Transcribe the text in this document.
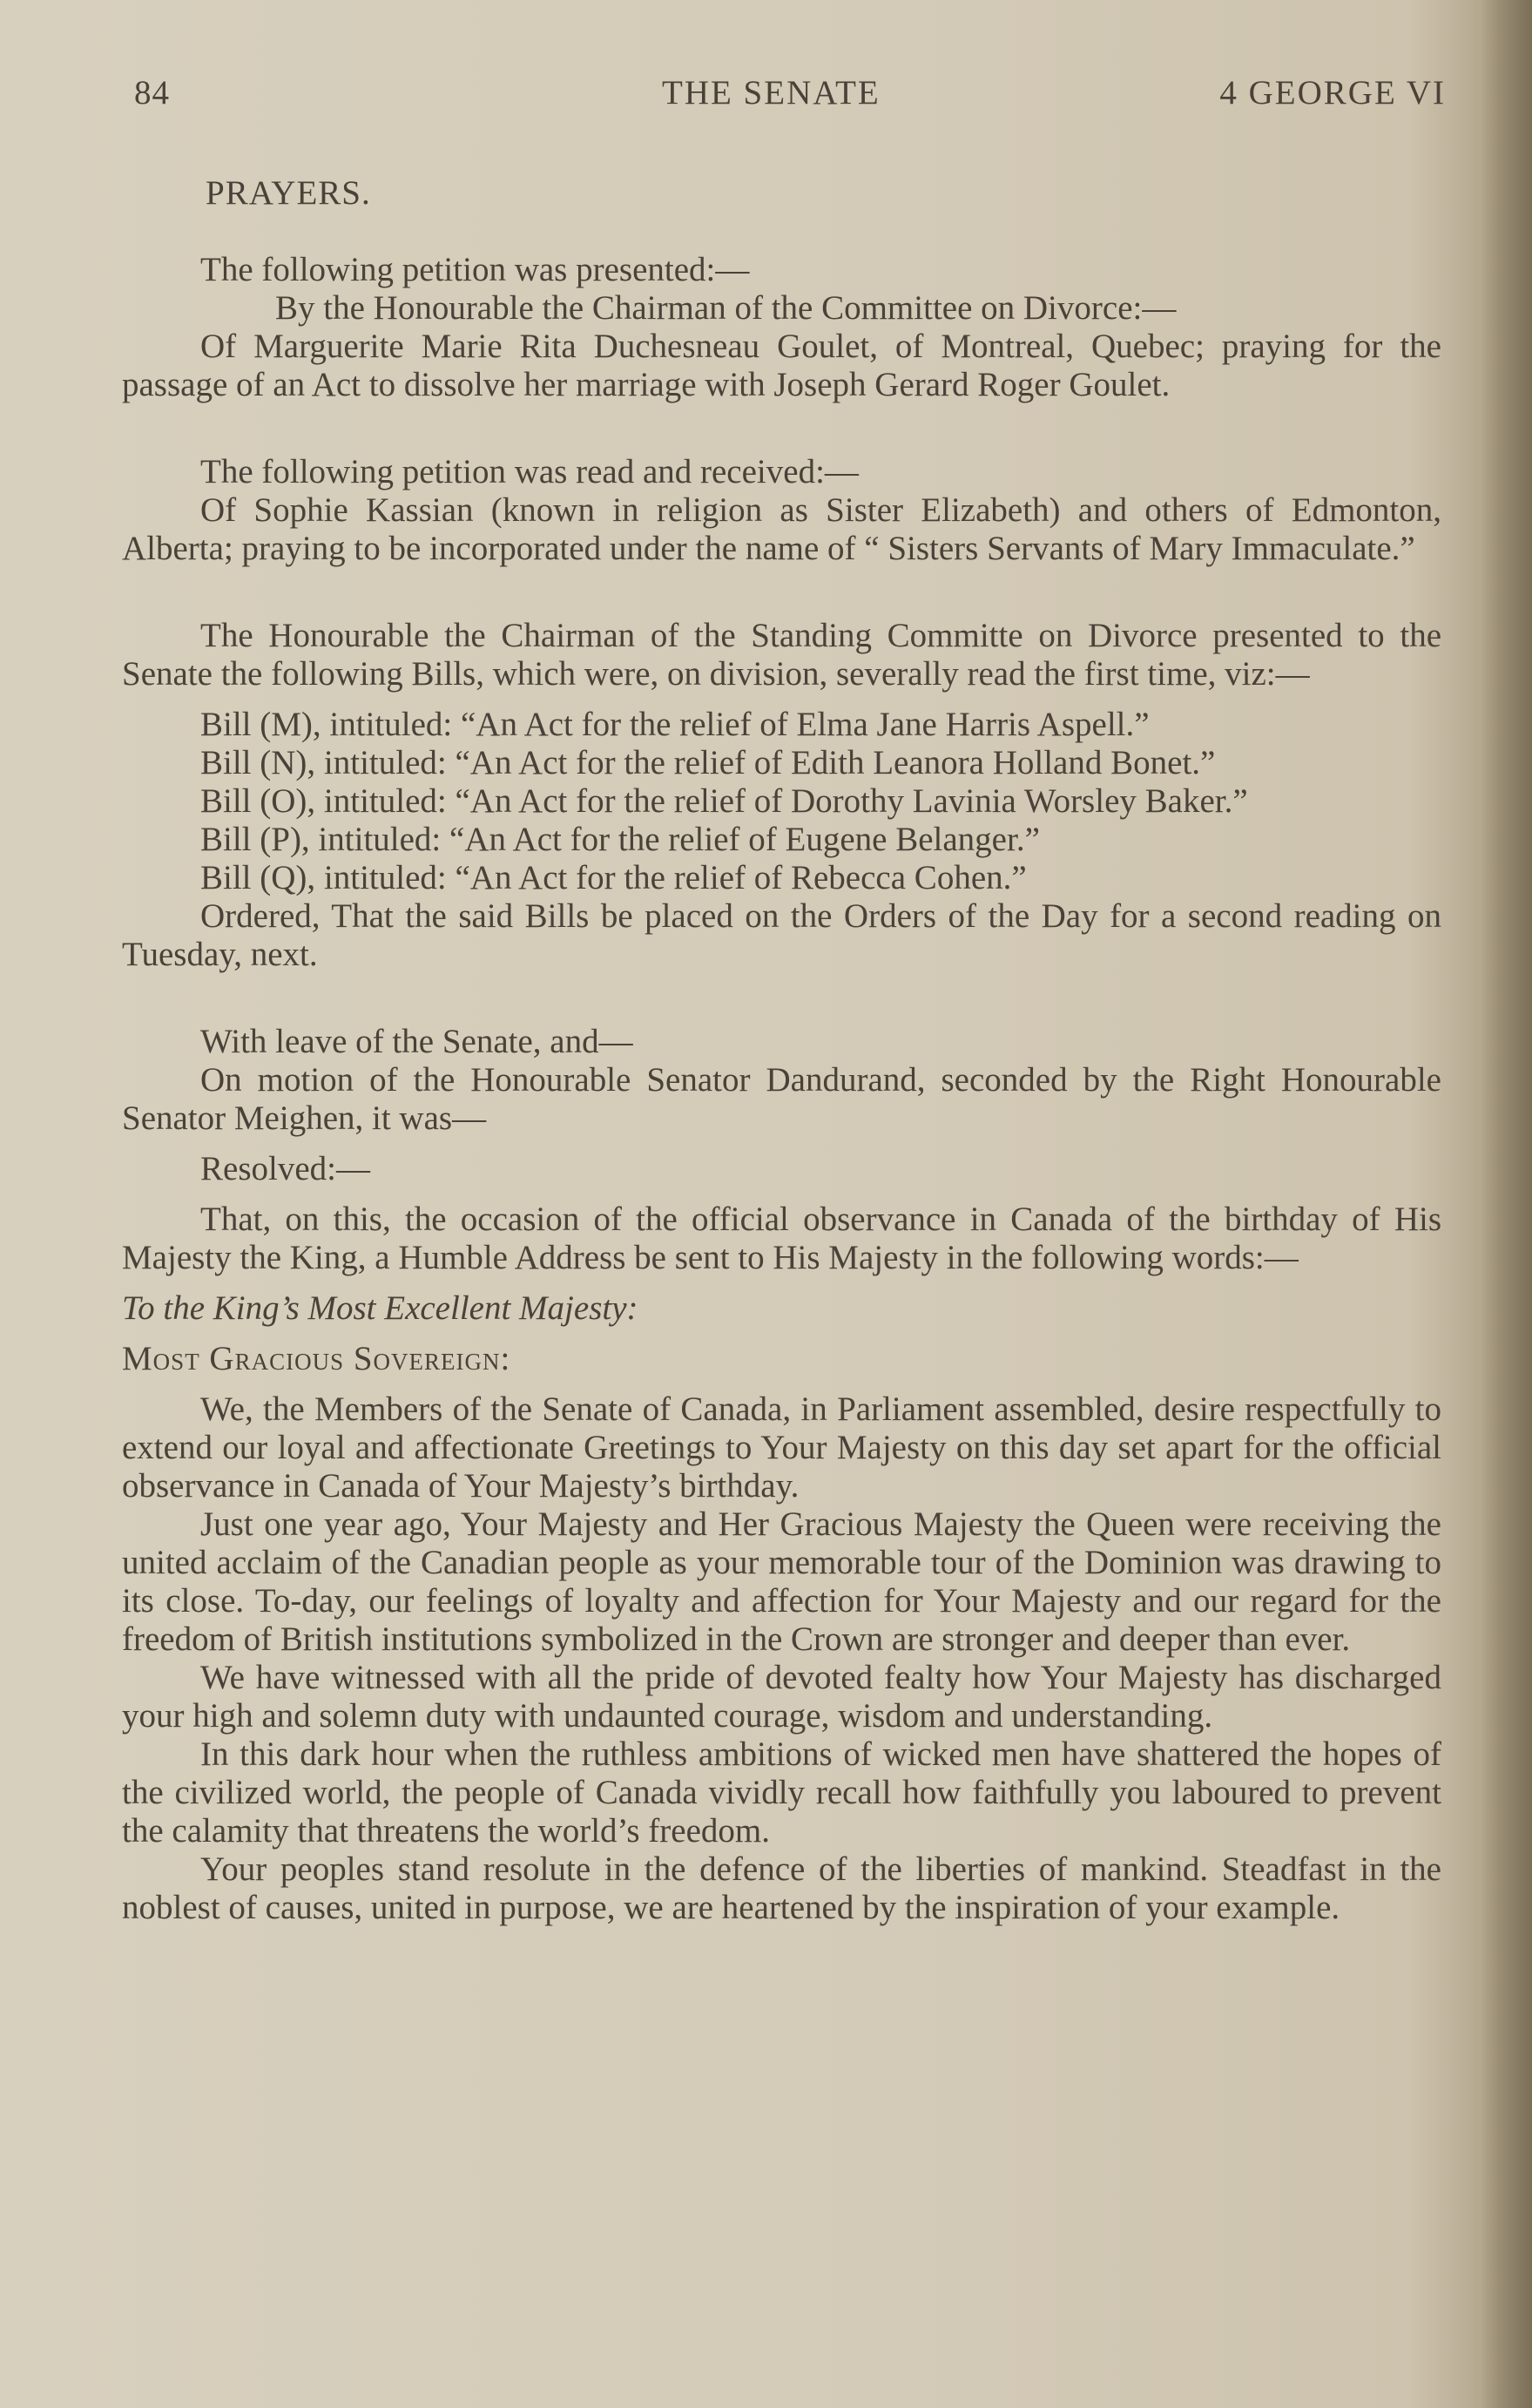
84	THE SENATE	4 GEORGE VI

PRAYERS.

The following petition was presented:—

By the Honourable the Chairman of the Committee on Divorce:—

Of Marguerite Marie Rita Duchesneau Goulet, of Montreal, Quebec; praying for the passage of an Act to dissolve her marriage with Joseph Gerard Roger Goulet.

The following petition was read and received:—

Of Sophie Kassian (known in religion as Sister Elizabeth) and others of Edmonton, Alberta; praying to be incorporated under the name of “ Sisters Servants of Mary Immaculate.”

The Honourable the Chairman of the Standing Committe on Divorce presented to the Senate the following Bills, which were, on division, severally read the first time, viz:—

Bill (M), intituled: “An Act for the relief of Elma Jane Harris Aspell.”

Bill (N), intituled: “An Act for the relief of Edith Leanora Holland Bonet.”

Bill (O), intituled: “An Act for the relief of Dorothy Lavinia Worsley Baker.”

Bill (P), intituled: “An Act for the relief of Eugene Belanger.”

Bill (Q), intituled: “An Act for the relief of Rebecca Cohen.”

Ordered, That the said Bills be placed on the Orders of the Day for a second reading on Tuesday, next.

With leave of the Senate, and—

On motion of the Honourable Senator Dandurand, seconded by the Right Honourable Senator Meighen, it was—

Resolved:—

That, on this, the occasion of the official observance in Canada of the birthday of His Majesty the King, a Humble Address be sent to His Majesty in the following words:—

To the King’s Most Excellent Majesty:

Most Gracious Sovereign:

We, the Members of the Senate of Canada, in Parliament assembled, desire respectfully to extend our loyal and affectionate Greetings to Your Majesty on this day set apart for the official observance in Canada of Your Majesty’s birthday.

Just one year ago, Your Majesty and Her Gracious Majesty the Queen were receiving the united acclaim of the Canadian people as your memorable tour of the Dominion was drawing to its close. To-day, our feelings of loyalty and affection for Your Majesty and our regard for the freedom of British institutions symbolized in the Crown are stronger and deeper than ever.

We have witnessed with all the pride of devoted fealty how Your Majesty has discharged your high and solemn duty with undaunted courage, wisdom and understanding.

In this dark hour when the ruthless ambitions of wicked men have shattered the hopes of the civilized world, the people of Canada vividly recall how faithfully you laboured to prevent the calamity that threatens the world’s freedom.

Your peoples stand resolute in the defence of the liberties of mankind. Steadfast in the noblest of causes, united in purpose, we are heartened by the inspiration of your example.
